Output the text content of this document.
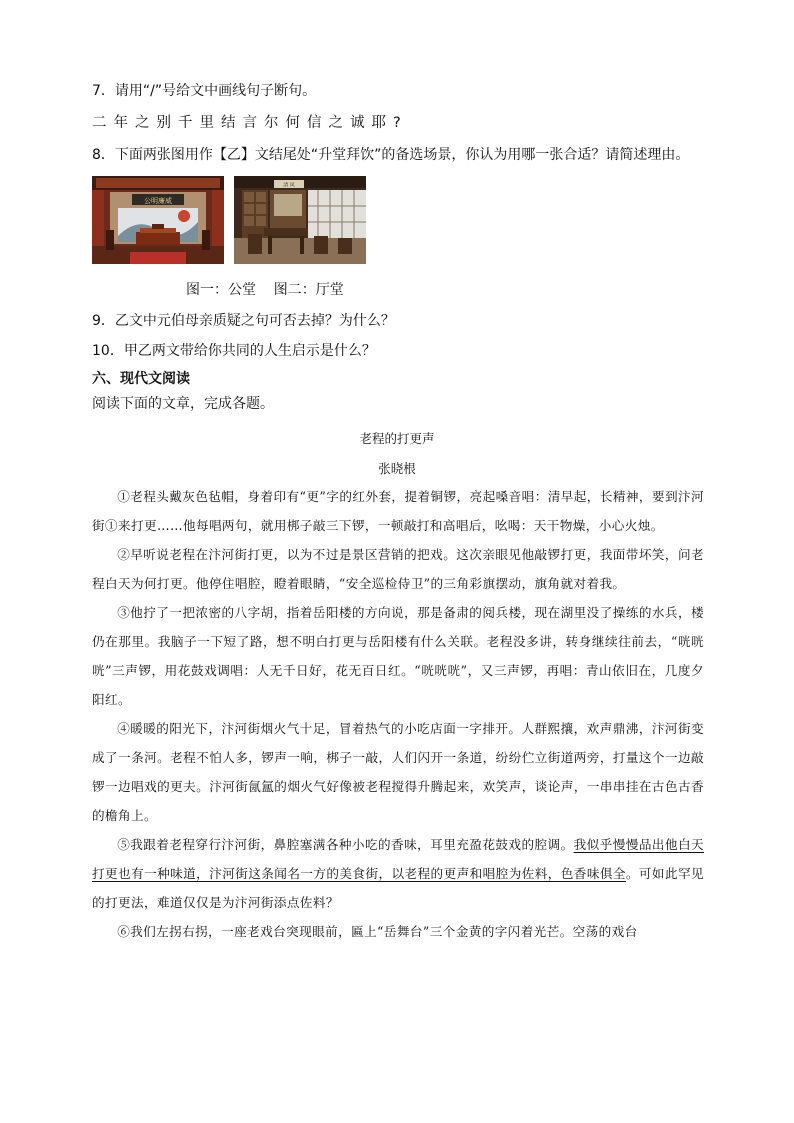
7．请用“/”号给文中画线句子断句。
二年之别千里结言尔何信之诚耶?
8．下面两张图用作【乙】文结尾处“升堂拜饮”的备选场景，你认为用哪一张合适？请简述理由。
公明廉威
清 风
图一：公堂    图二：厅堂
9．乙文中元伯母亲质疑之句可否去掉？为什么？
10．甲乙两文带给你共同的人生启示是什么？
六、现代文阅读
阅读下面的文章，完成各题。
老程的打更声
张晓根

①老程头戴灰色毡帽，身着印有“更”字的红外套，提着铜锣，亮起嗓音唱：清早起，长精神，要到汴河街①来打更……他每唱两句，就用梆子敲三下锣，一顿敲打和高唱后，吆喝：天干物燥，小心火烛。

②早听说老程在汴河街打更，以为不过是景区营销的把戏。这次亲眼见他敲锣打更，我面带坏笑，问老程白天为何打更。他停住唱腔，瞪着眼睛，“安全巡检侍卫”的三角彩旗摆动，旗角就对着我。

③他拧了一把浓密的八字胡，指着岳阳楼的方向说，那是备肃的阅兵楼，现在湖里没了操练的水兵，楼仍在那里。我脑子一下短了路，想不明白打更与岳阳楼有什么关联。老程没多讲，转身继续往前去，“咣咣咣”三声锣，用花鼓戏调唱：人无千日好，花无百日红。“咣咣咣”，又三声锣，再唱：青山依旧在，几度夕阳红。

④暖暖的阳光下，汴河街烟火气十足，冒着热气的小吃店面一字排开。人群熙攘，欢声鼎沸，汴河街变成了一条河。老程不怕人多，锣声一响，梆子一敲，人们闪开一条道，纷纷伫立街道两旁，打量这个一边敲锣一边唱戏的更夫。汴河街氤氲的烟火气好像被老程搅得升腾起来，欢笑声，谈论声，一串串挂在古色古香的檐角上。

⑤我跟着老程穿行汴河街，鼻腔塞满各种小吃的香味，耳里充盈花鼓戏的腔调。我似乎慢慢品出他白天打更也有一种味道，汴河街这条闻名一方的美食街，以老程的更声和唱腔为佐料，色香味俱全。可如此罕见的打更法，难道仅仅是为汴河街添点佐料？

⑥我们左拐右拐，一座老戏台突现眼前，匾上“岳舞台”三个金黄的字闪着光芒。空荡的戏台
